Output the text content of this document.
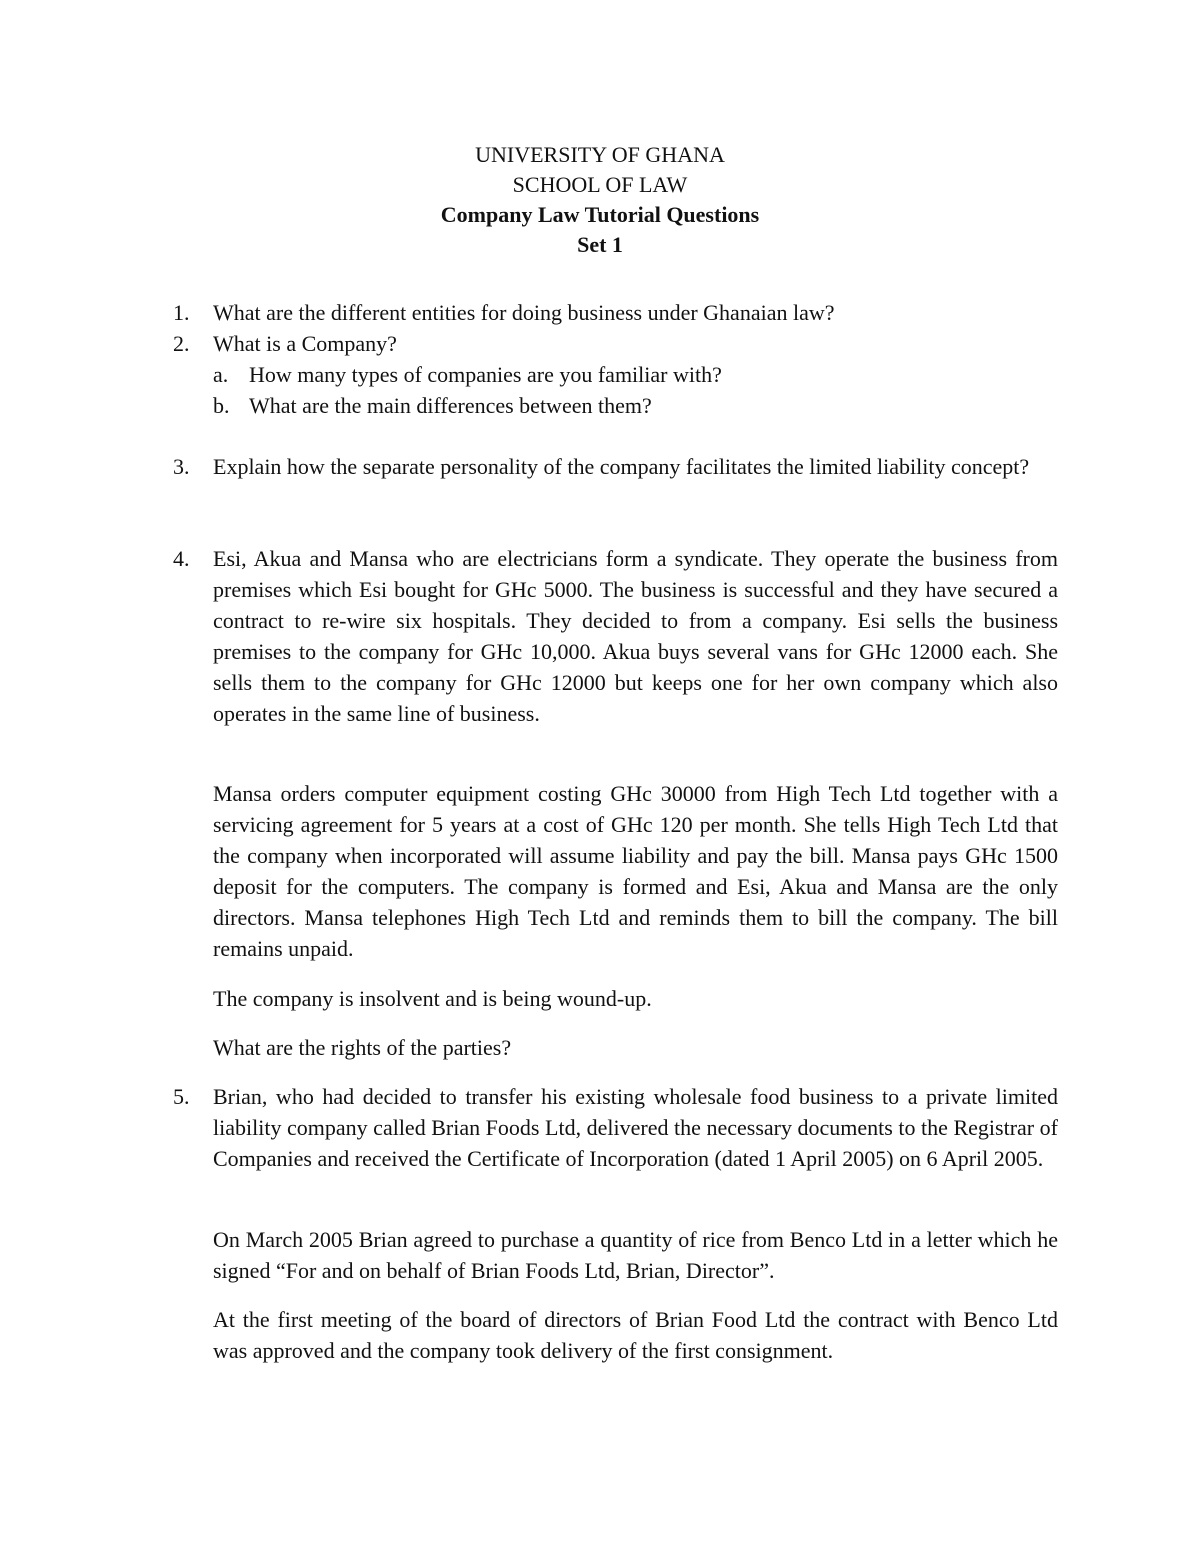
UNIVERSITY OF GHANA
SCHOOL OF LAW
Company Law Tutorial Questions
Set 1
1. What are the different entities for doing business under Ghanaian law?
2. What is a Company?
a. How many types of companies are you familiar with?
b. What are the main differences between them?
3. Explain how the separate personality of the company facilitates the limited liability concept?
4. Esi, Akua and Mansa who are electricians form a syndicate. They operate the business from premises which Esi bought for GHc 5000. The business is successful and they have secured a contract to re-wire six hospitals. They decided to from a company. Esi sells the business premises to the company for GHc 10,000. Akua buys several vans for GHc 12000 each. She sells them to the company for GHc 12000 but keeps one for her own company which also operates in the same line of business.
Mansa orders computer equipment costing GHc 30000 from High Tech Ltd together with a servicing agreement for 5 years at a cost of GHc 120 per month. She tells High Tech Ltd that the company when incorporated will assume liability and pay the bill. Mansa pays GHc 1500 deposit for the computers. The company is formed and Esi, Akua and Mansa are the only directors. Mansa telephones High Tech Ltd and reminds them to bill the company. The bill remains unpaid.
The company is insolvent and is being wound-up.
What are the rights of the parties?
5. Brian, who had decided to transfer his existing wholesale food business to a private limited liability company called Brian Foods Ltd, delivered the necessary documents to the Registrar of Companies and received the Certificate of Incorporation (dated 1 April 2005) on 6 April 2005.
On March 2005 Brian agreed to purchase a quantity of rice from Benco Ltd in a letter which he signed “For and on behalf of Brian Foods Ltd, Brian, Director”.
At the first meeting of the board of directors of Brian Food Ltd the contract with Benco Ltd was approved and the company took delivery of the first consignment.
